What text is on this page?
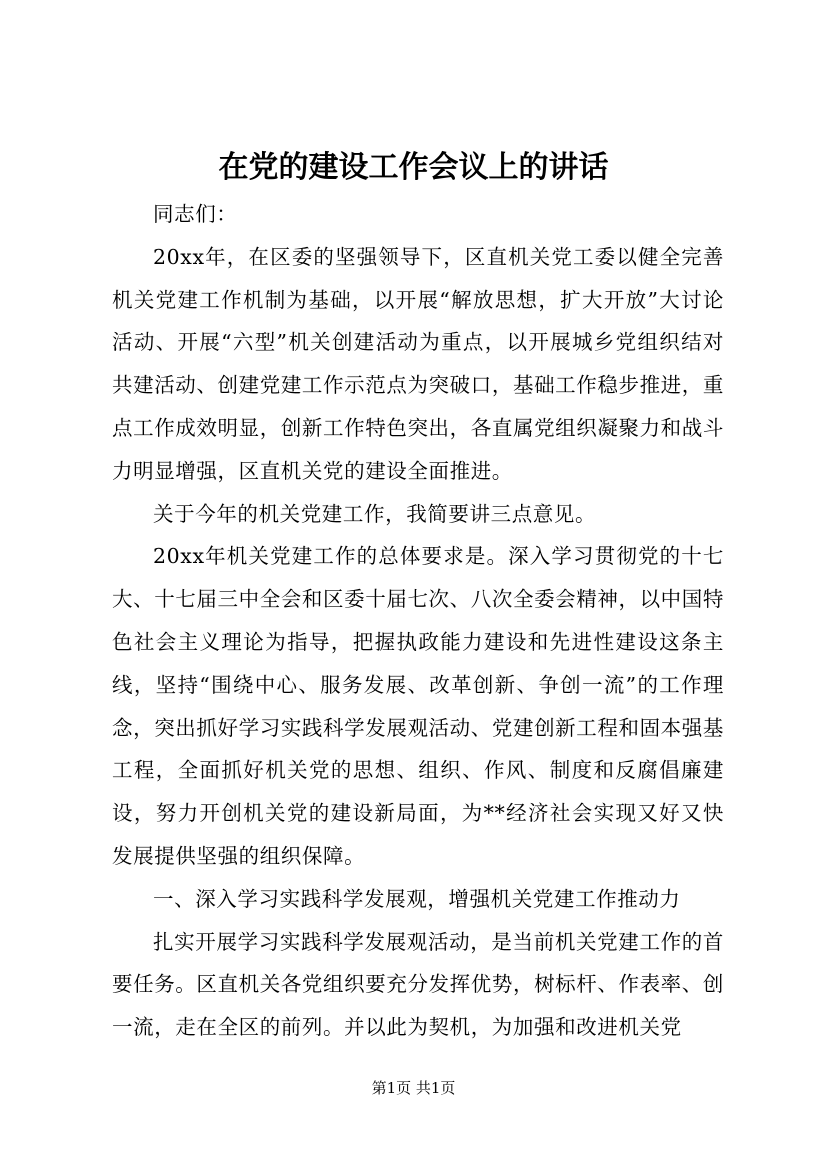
在党的建设工作会议上的讲话

同志们：

20xx年，在区委的坚强领导下，区直机关党工委以健全完善机关党建工作机制为基础，以开展“解放思想，扩大开放”大讨论活动、开展“六型”机关创建活动为重点，以开展城乡党组织结对共建活动、创建党建工作示范点为突破口，基础工作稳步推进，重点工作成效明显，创新工作特色突出，各直属党组织凝聚力和战斗力明显增强，区直机关党的建设全面推进。

关于今年的机关党建工作，我简要讲三点意见。

20xx年机关党建工作的总体要求是。深入学习贯彻党的十七大、十七届三中全会和区委十届七次、八次全委会精神，以中国特色社会主义理论为指导，把握执政能力建设和先进性建设这条主线，坚持“围绕中心、服务发展、改革创新、争创一流”的工作理念，突出抓好学习实践科学发展观活动、党建创新工程和固本强基工程，全面抓好机关党的思想、组织、作风、制度和反腐倡廉建设，努力开创机关党的建设新局面，为**经济社会实现又好又快发展提供坚强的组织保障。

一、深入学习实践科学发展观，增强机关党建工作推动力

扎实开展学习实践科学发展观活动，是当前机关党建工作的首要任务。区直机关各党组织要充分发挥优势，树标杆、作表率、创一流，走在全区的前列。并以此为契机，为加强和改进机关党

第1页 共1页
